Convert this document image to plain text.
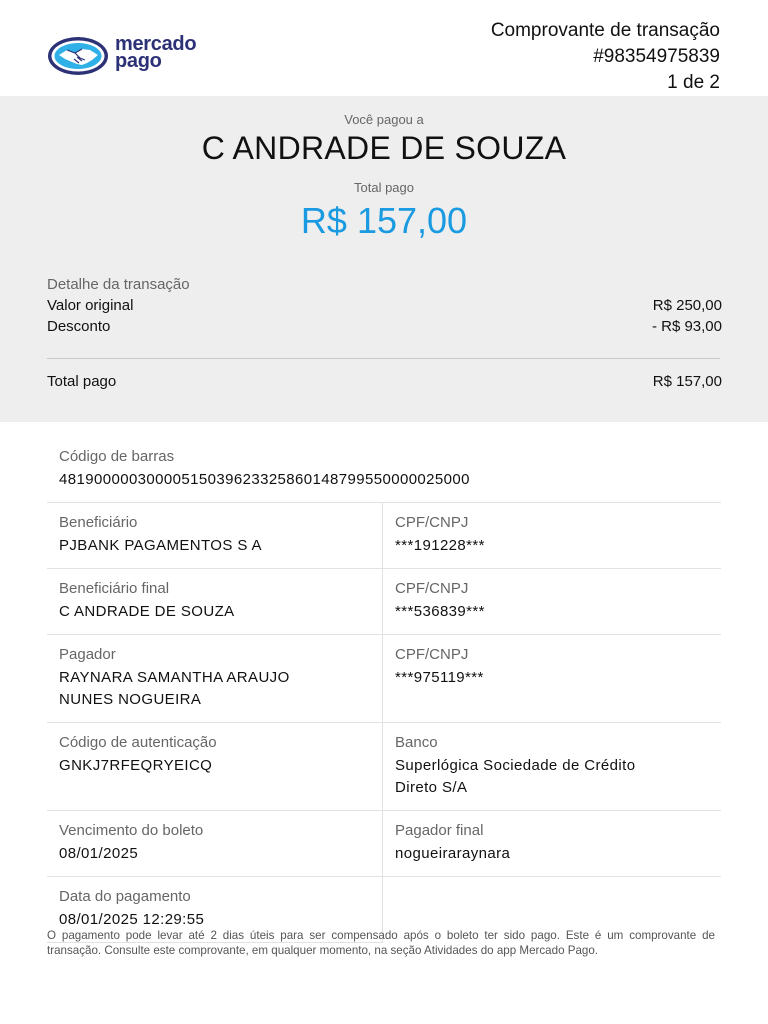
mercado
pago
Comprovante de transação
#98354975839
1 de 2
Você pagou a
C ANDRADE DE SOUZA
Total pago
R$ 157,00
Detalhe da transação
Valor original	R$ 250,00
Desconto	- R$ 93,00
Total pago	R$ 157,00
Código de barras
48190000030000515039623325860148799550000025000
Beneficiário
PJBANK PAGAMENTOS S A
CPF/CNPJ
***191228***
Beneficiário final
C ANDRADE DE SOUZA
CPF/CNPJ
***536839***
Pagador
RAYNARA SAMANTHA ARAUJO
NUNES NOGUEIRA
CPF/CNPJ
***975119***
Código de autenticação
GNKJ7RFEQRYEICQ
Banco
Superlógica Sociedade de Crédito
Direto S/A
Vencimento do boleto
08/01/2025
Pagador final
nogueiraraynara
Data do pagamento
08/01/2025 12:29:55
O pagamento pode levar até 2 dias úteis para ser compensado após o boleto ter sido pago. Este é um comprovante de transação. Consulte este comprovante, em qualquer momento, na seção Atividades do app Mercado Pago.
